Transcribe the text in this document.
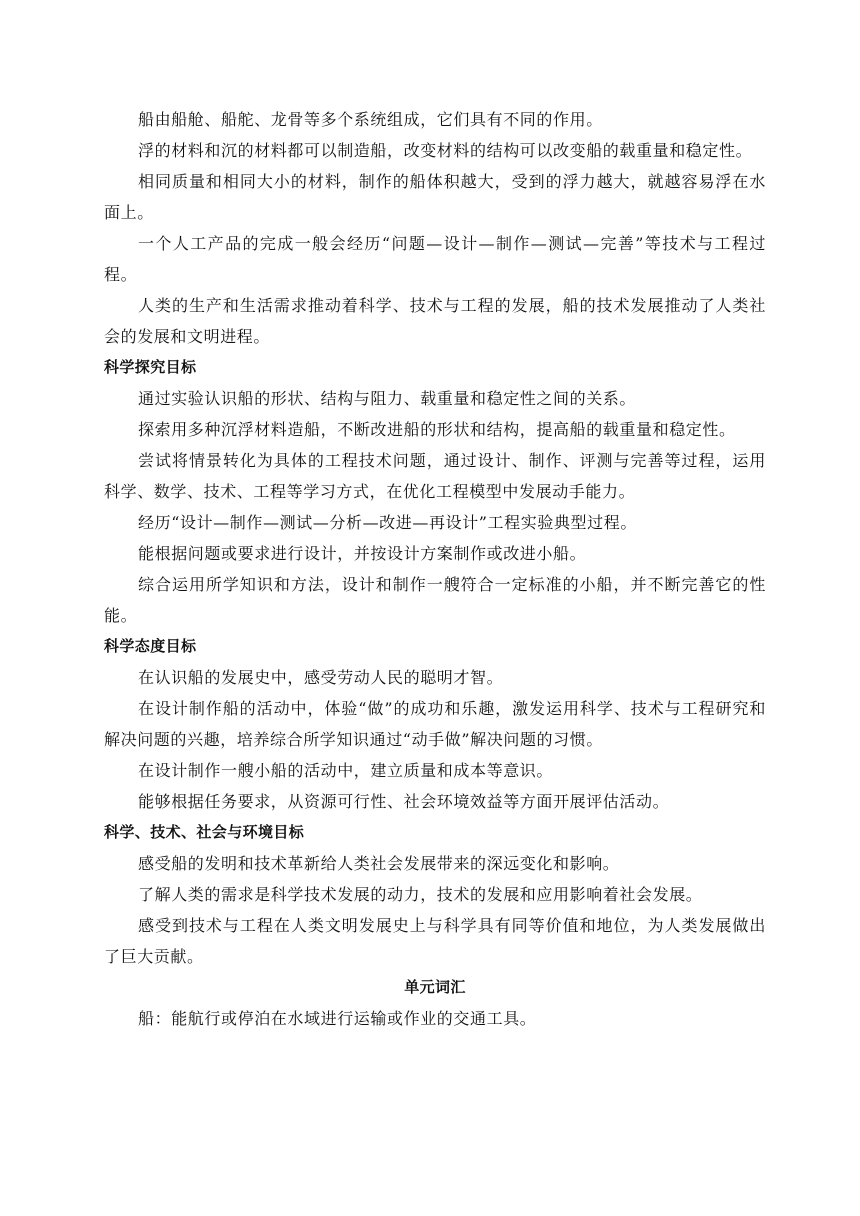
船由船舱、船舵、龙骨等多个系统组成，它们具有不同的作用。

浮的材料和沉的材料都可以制造船，改变材料的结构可以改变船的载重量和稳定性。

相同质量和相同大小的材料，制作的船体积越大，受到的浮力越大，就越容易浮在水面上。

一个人工产品的完成一般会经历“问题—设计—制作—测试—完善”等技术与工程过程。

人类的生产和生活需求推动着科学、技术与工程的发展，船的技术发展推动了人类社会的发展和文明进程。

科学探究目标

通过实验认识船的形状、结构与阻力、载重量和稳定性之间的关系。

探索用多种沉浮材料造船，不断改进船的形状和结构，提高船的载重量和稳定性。

尝试将情景转化为具体的工程技术问题，通过设计、制作、评测与完善等过程，运用科学、数学、技术、工程等学习方式，在优化工程模型中发展动手能力。

经历“设计—制作—测试—分析—改进—再设计”工程实验典型过程。

能根据问题或要求进行设计，并按设计方案制作或改进小船。

综合运用所学知识和方法，设计和制作一艘符合一定标准的小船，并不断完善它的性能。

科学态度目标

在认识船的发展史中，感受劳动人民的聪明才智。

在设计制作船的活动中，体验“做”的成功和乐趣，激发运用科学、技术与工程研究和解决问题的兴趣，培养综合所学知识通过“动手做”解决问题的习惯。

在设计制作一艘小船的活动中，建立质量和成本等意识。

能够根据任务要求，从资源可行性、社会环境效益等方面开展评估活动。

科学、技术、社会与环境目标

感受船的发明和技术革新给人类社会发展带来的深远变化和影响。

了解人类的需求是科学技术发展的动力，技术的发展和应用影响着社会发展。

感受到技术与工程在人类文明发展史上与科学具有同等价值和地位，为人类发展做出了巨大贡献。

单元词汇

船：能航行或停泊在水域进行运输或作业的交通工具。
